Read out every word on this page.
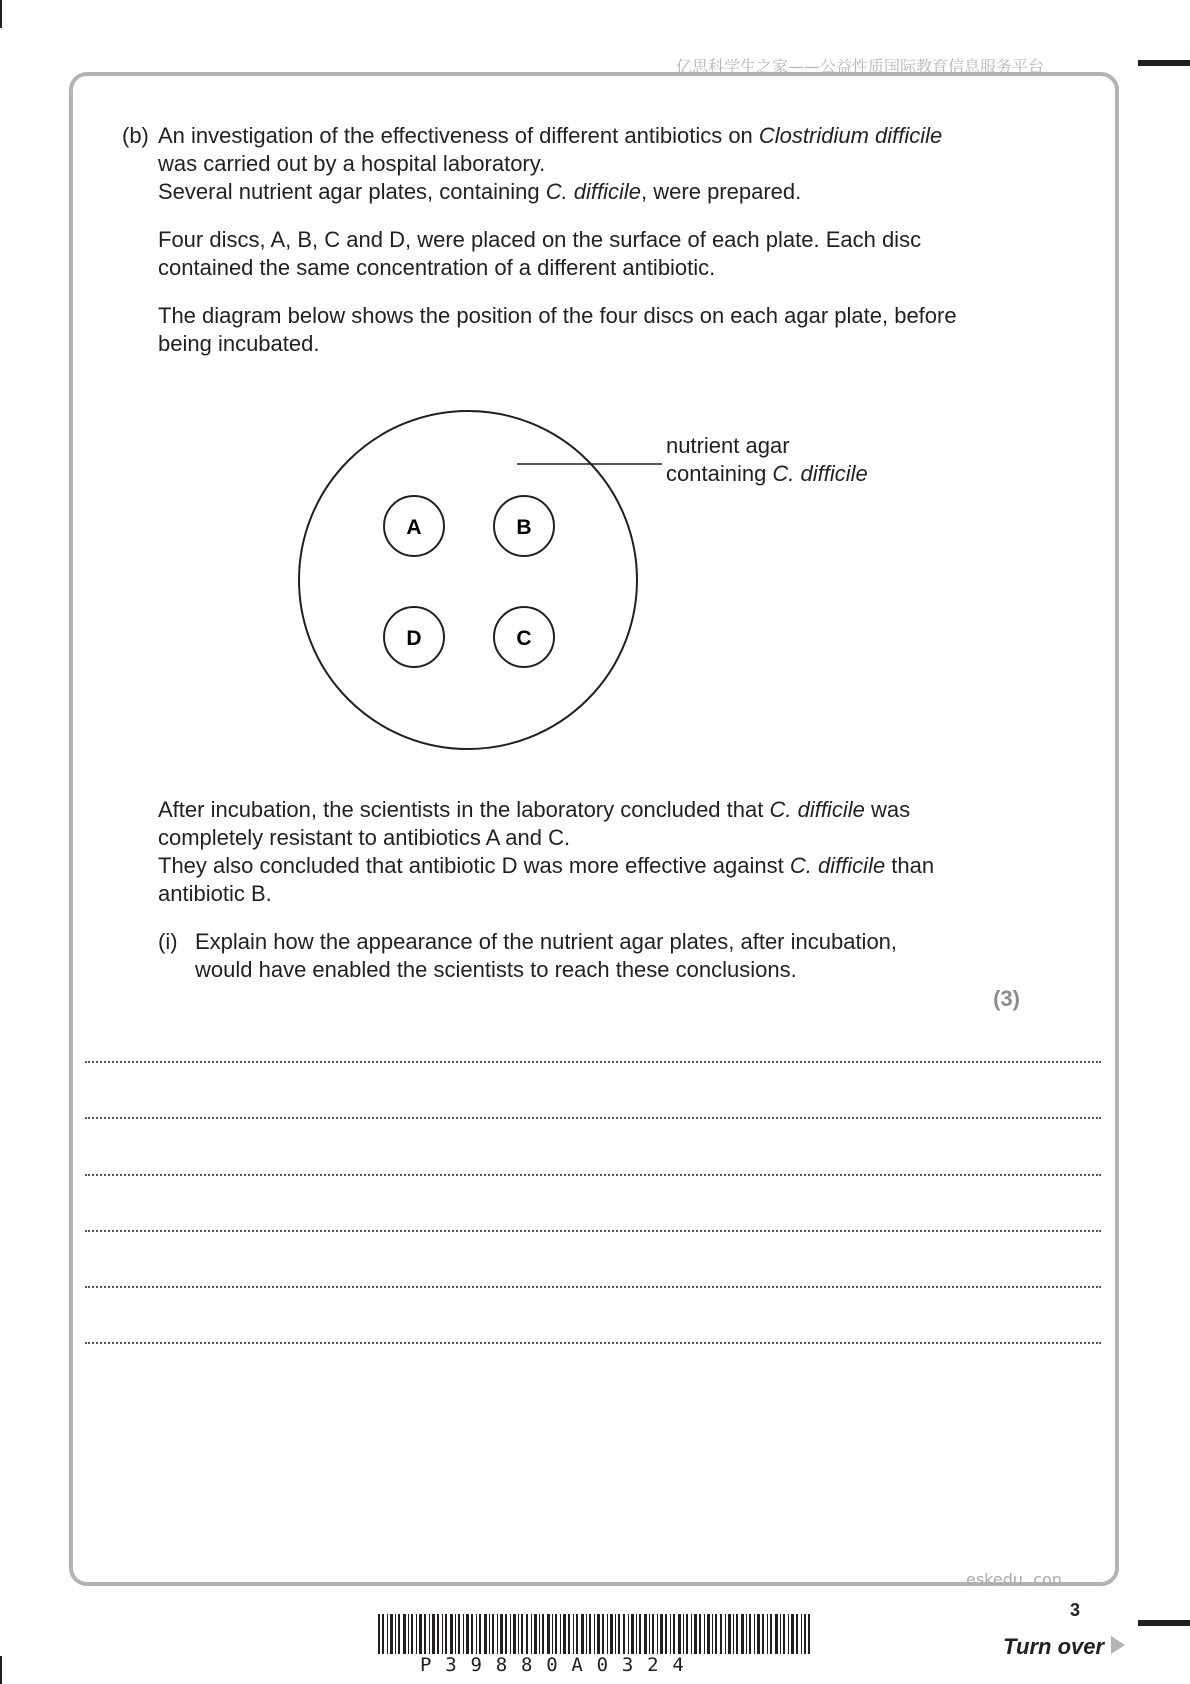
亿思科学生之家——公益性质国际教育信息服务平台
(b) An investigation of the effectiveness of different antibiotics on Clostridium difficile
was carried out by a hospital laboratory.
Several nutrient agar plates, containing C. difficile, were prepared.
Four discs, A, B, C and D, were placed on the surface of each plate. Each disc
contained the same concentration of a different antibiotic.
The diagram below shows the position of the four discs on each agar plate, before
being incubated.
A	B
D	C
nutrient agar
containing C. difficile
After incubation, the scientists in the laboratory concluded that C. difficile was
completely resistant to antibiotics A and C.
They also concluded that antibiotic D was more effective against C. difficile than
antibiotic B.
(i) Explain how the appearance of the nutrient agar plates, after incubation,
would have enabled the scientists to reach these conclusions.
(3)
eskedu. con
3
P39880A0324
Turn over
